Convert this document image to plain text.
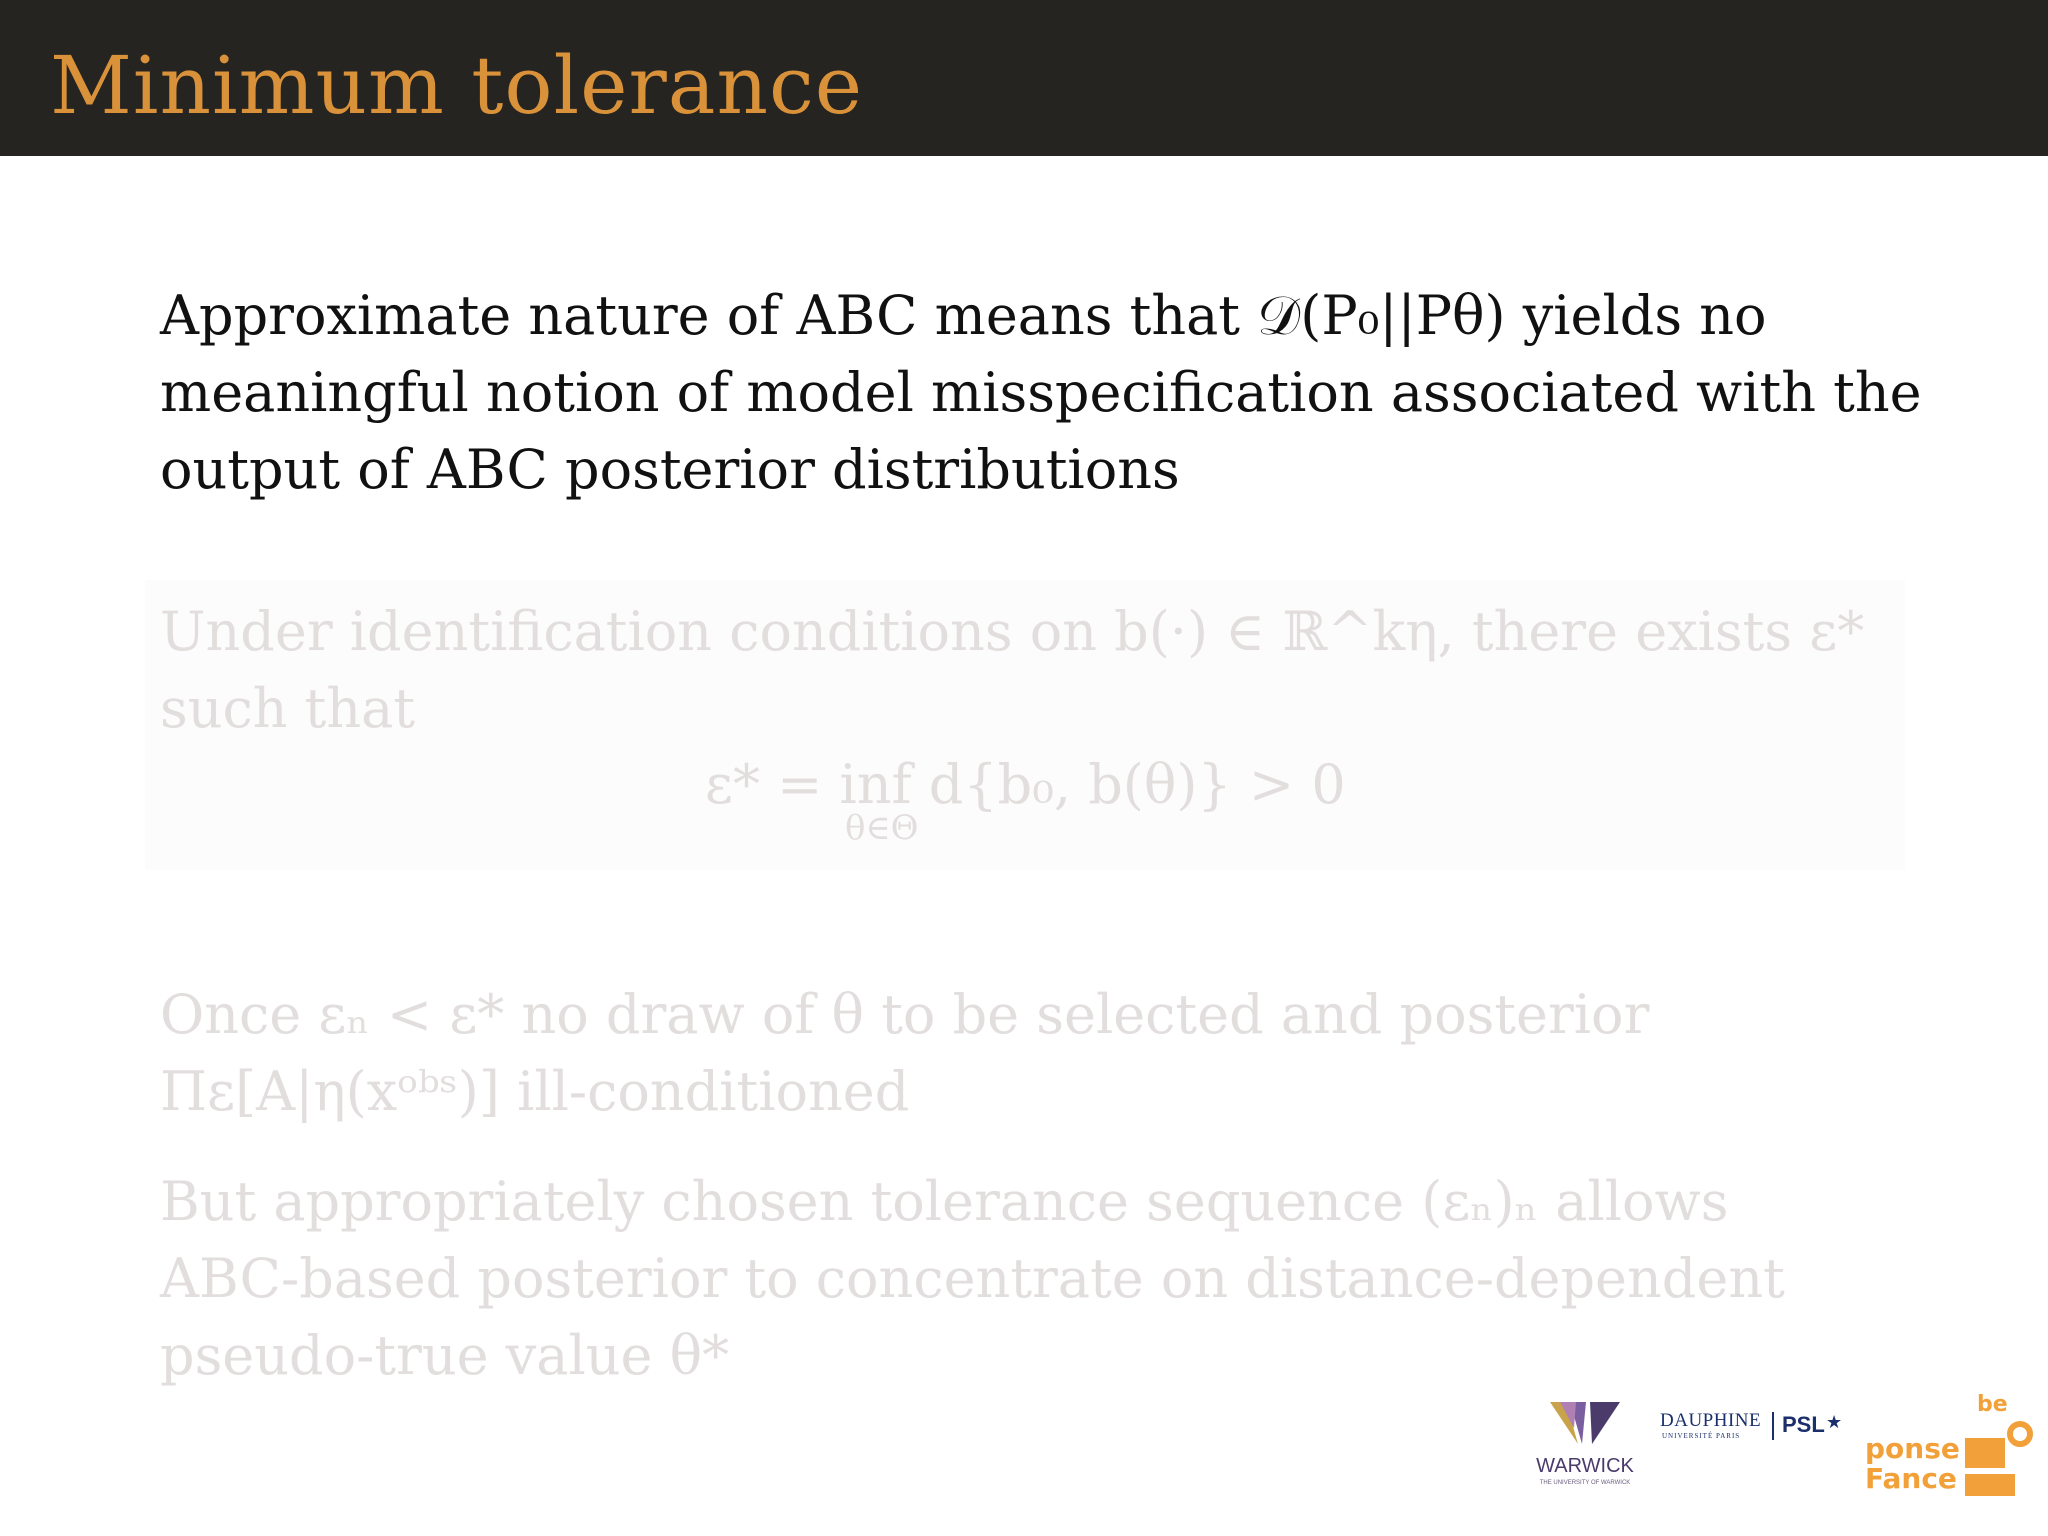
Minimum tolerance
Approximate nature of ABC means that 𝒟(P₀||Pθ) yields no
meaningful notion of model misspecification associated with the
output of ABC posterior distributions
Under identification conditions on b(·) ∈ ℝ^kη, there exists ε*
such that
ε* = inf d{b₀, b(θ)} > 0
θ∈Θ
Once εₙ < ε* no draw of θ to be selected and posterior
Πε[A|η(xᵒᵇˢ)] ill-conditioned
But appropriately chosen tolerance sequence (εₙ)ₙ allows
ABC-based posterior to concentrate on distance-dependent
pseudo-true value θ*
WARWICK
THE UNIVERSITY OF WARWICK
DAUPHINE
UNIVERSITÉ PARIS PSL ★
be
ponse
Fance
